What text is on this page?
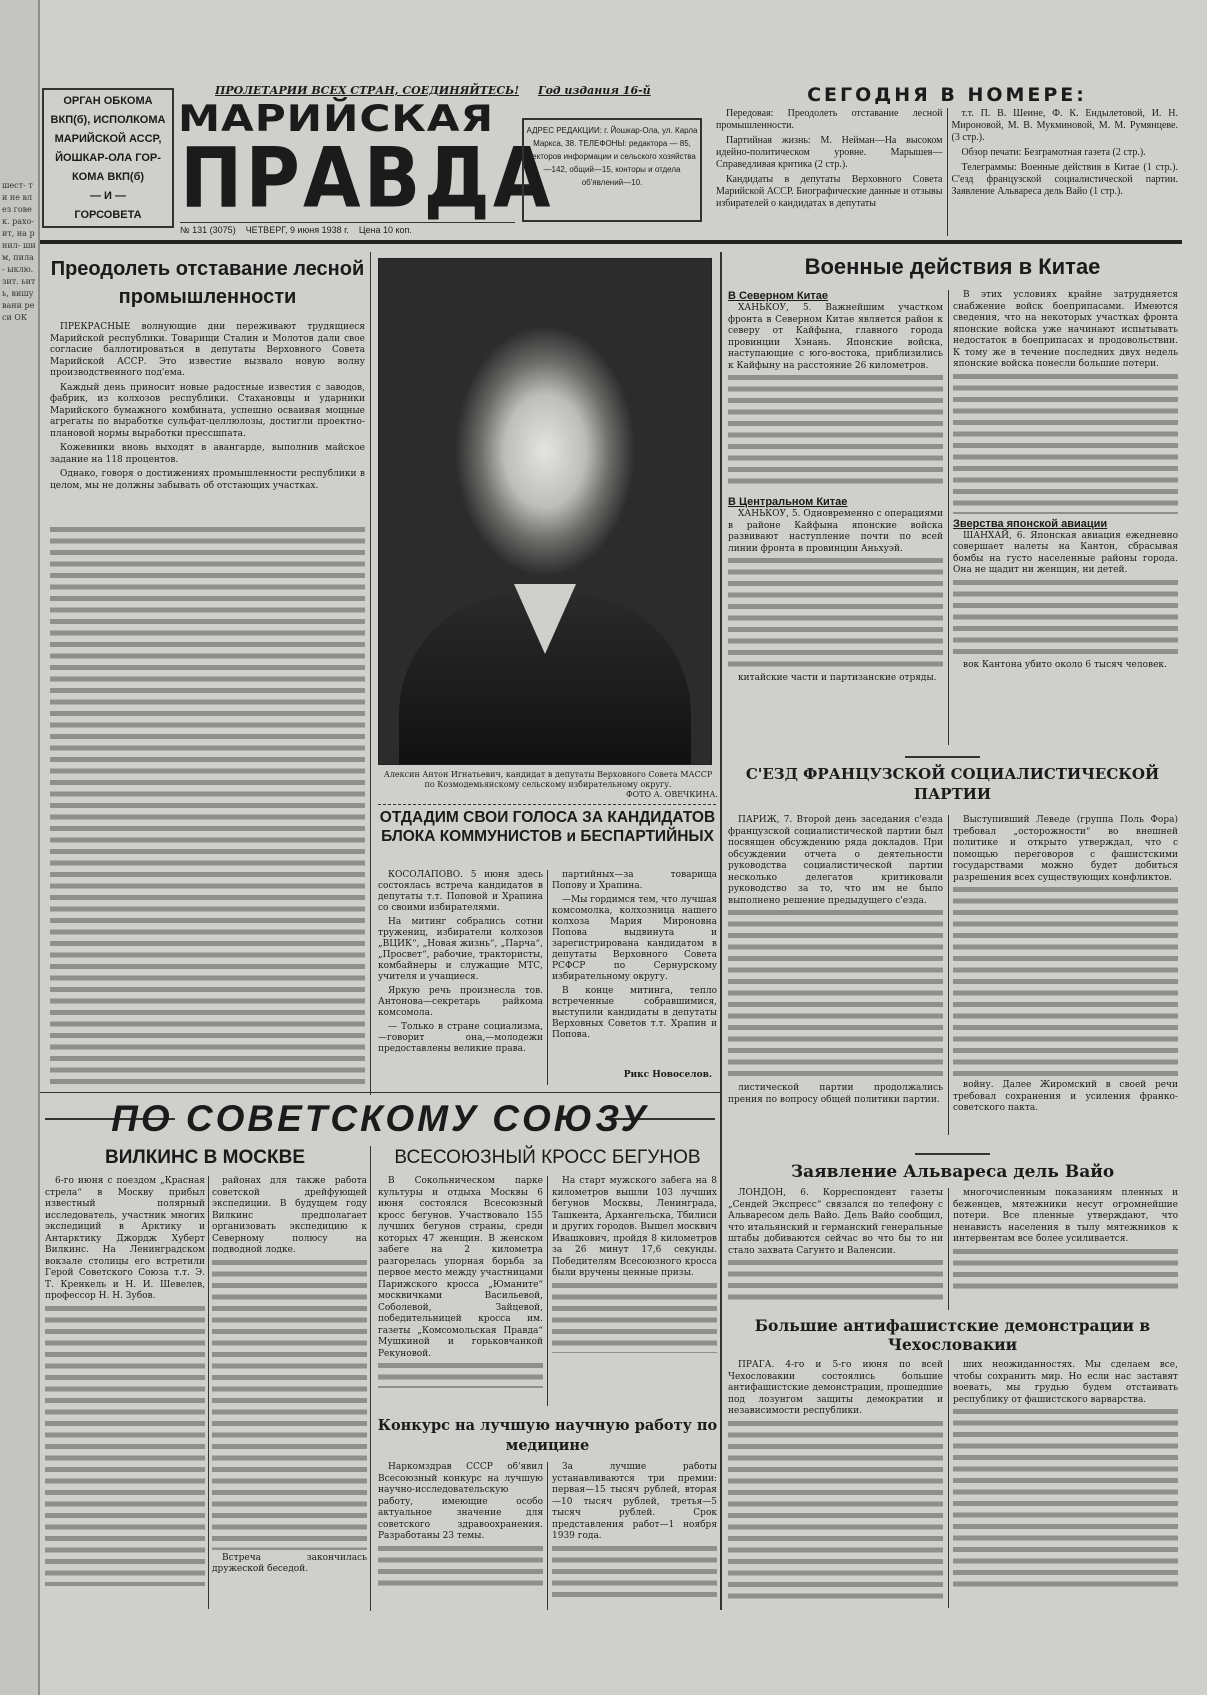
шест- ти не влез говек. рахо- ит, на рнил- шим, пила- ыклю. зит. ьить, вишу вани реси ОК
ОРГАН ОБКОМА
ВКП(б), ИСПОЛКОМА
МАРИЙСКОЙ АССР,
ЙОШКАР-ОЛА ГОР-
КОМА ВКП(б)
— И —
ГОРСОВЕТА
ПРОЛЕТАРИИ ВСЕХ СТРАН, СОЕДИНЯЙТЕСЬ! Год издания 16-й
МАРИЙСКАЯ
ПРАВДА
АДРЕС РЕДАКЦИИ: г. Йошкар-Ола, ул. Карла Маркса, 38. ТЕЛЕФОНЫ: редактора — 85, секторов информации и сельского хозяйства—142, общий—15, конторы и отдела об'явлений—10.
№ 131 (3075) ЧЕТВЕРГ, 9 июня 1938 г. Цена 10 коп.
СЕГОДНЯ В НОМЕРЕ:

Передовая: Преодолеть отставание лесной промышленности.

Партийная жизнь: М. Нейман—На высоком идейно-политическом уровне. Марышев—Справедливая критика (2 стр.).

Кандидаты в депутаты Верховного Совета Марийской АССР. Биографические данные и отзывы избирателей о кандидатах в депутаты

т.т. П. В. Шеине, Ф. К. Ендылетовой, И. Н. Мироновой, М. В. Мукминовой, М. М. Румянцеве. (3 стр.).

Обзор печати: Безграмотная газета (2 стр.).

Телеграммы: Военные действия в Китае (1 стр.). С'езд французской социалистической партии. Заявление Альвареса дель Вайо (1 стр.).

Преодолеть отставание лесной промышленности

ПРЕКРАСНЫЕ волнующие дни переживают трудящиеся Марийской республики. Товарищи Сталин и Молотов дали свое согласие баллотироваться в депутаты Верховного Совета Марийской АССР. Это известие вызвало новую волну производственного под'ема.

Каждый день приносит новые радостные известия с заводов, фабрик, из колхозов республики. Стахановцы и ударники Марийского бумажного комбината, успешно осваивая мощные агрегаты по выработке сульфат-целлюлозы, достигли проектно-плановой нормы выработки прессшпата.

Кожевники вновь выходят в авангарде, выполнив майское задание на 118 процентов.

Однако, говоря о достижениях промышленности республики в целом, мы не должны забывать об отстающих участках.

Алексин Антон Игнатьевич, кандидат в депутаты Верховного Совета МАССР по Козмодемьянскому сельскому избирательному округу.
ФОТО А. ОВЕЧКИНА.
ОТДАДИМ СВОИ ГОЛОСА ЗА КАНДИДАТОВ БЛОКА КОММУНИСТОВ и БЕСПАРТИЙНЫХ

КОСОЛАПОВО. 5 июня здесь состоялась встреча кандидатов в депутаты т.т. Поповой и Храпина со своими избирателями.

На митинг собрались сотни тружениц, избиратели колхозов „ВЦИК“, „Новая жизнь“, „Парча“, „Просвет“, рабочие, трактористы, комбайнеры и служащие МТС, учителя и учащиеся.

Яркую речь произнесла тов. Антонова—секретарь райкома комсомола.

— Только в стране социализма,—говорит она,—молодежи предоставлены великие права.

партийных—за товарища Попову и Храпина.

—Мы гордимся тем, что лучшая комсомолка, колхозница нашего колхоза Мария Мироновна Попова выдвинута и зарегистрирована кандидатом в депутаты Верховного Совета РСФСР по Сернурскому избирательному округу.

В конце митинга, тепло встреченные собравшимися, выступили кандидаты в депутаты Верховных Советов т.т. Храпин и Попова.

Рикс Новоселов.
Военные действия в Китае
В Северном Китае

ХАНЬКОУ, 5. Важнейшим участком фронта в Северном Китае является район к северу от Кайфына, главного города провинции Хэнань. Японские войска, наступающие с юго-востока, приблизились к Кайфыну на расстояние 26 километров.

В Центральном Китае

ХАНЬКОУ, 5. Одновременно с операциями в районе Кайфына японские войска развивают наступление почти по всей линии фронта в провинции Аньхуэй.

китайские части и партизанские отряды.

В этих условиях крайне затрудняется снабжение войск боеприпасами. Имеются сведения, что на некоторых участках фронта японские войска уже начинают испытывать недостаток в боеприпасах и продовольствии. К тому же в течение последних двух недель японские войска понесли большие потери.

Зверства японской авиации

ШАНХАЙ, 6. Японская авиация ежедневно совершает налеты на Кантон, сбрасывая бомбы на густо населенные районы города. Она не щадит ни женщин, ни детей.

вок Кантона убито около 6 тысяч человек.

С'ЕЗД ФРАНЦУЗСКОЙ СОЦИАЛИСТИЧЕСКОЙ ПАРТИИ

ПАРИЖ, 7. Второй день заседания с'езда французской социалистической партии был посвящен обсуждению ряда докладов. При обсуждении отчета о деятельности руководства социалистической партии несколько делегатов критиковали руководство за то, что им не было выполнено решение предыдущего с'езда.

листической партии продолжались прения по вопросу общей политики партии.

Выступивший Леведе (группа Поль Фора) требовал „осторожности“ во внешней политике и открыто утверждал, что с помощью переговоров с фашистскими государствами можно будет добиться разрешения всех существующих конфликтов.

войну. Далее Жиромский в своей речи требовал сохранения и усиления франко-советского пакта.

Заявление Альвареса дель Вайо

ЛОНДОН, 6. Корреспондент газеты „Сендей Экспресс“ связался по телефону с Альваресом дель Вайо. Дель Вайо сообщил, что итальянский и германский генеральные штабы добиваются сейчас во что бы то ни стало захвата Сагунто и Валенсии.

многочисленным показаниям пленных и беженцев, мятежники несут огромнейшие потери. Все пленные утверждают, что ненависть населения в тылу мятежников к интервентам все более усиливается.

Большие антифашистские демонстрации в Чехословакии

ПРАГА. 4-го и 5-го июня по всей Чехословакии состоялись большие антифашистские демонстрации, прошедшие под лозунгом защиты демократии и независимости республики.

ших неожиданностях. Мы сделаем все, чтобы сохранить мир. Но если нас заставят воевать, мы грудью будем отстаивать республику от фашистского варварства.

ПО СОВЕТСКОМУ СОЮЗУ
ВИЛКИНС В МОСКВЕ

6-го июня с поездом „Красная стрела“ в Москву прибыл известный полярный исследователь, участник многих экспедиций в Арктику и Антарктику Джордж Хуберт Вилкинс. На Ленинградском вокзале столицы его встретили Герой Советского Союза т.т. Э. Т. Кренкель и Н. И. Шевелев, профессор Н. Н. Зубов.

районах для также работа советской дрейфующей экспедиции. В будущем году Вилкинс предполагает организовать экспедицию к Северному полюсу на подводной лодке.

Встреча закончилась дружеской беседой.

ВСЕСОЮЗНЫЙ КРОСС БЕГУНОВ

В Сокольническом парке культуры и отдыха Москвы 6 июня состоялся Всесоюзный кросс бегунов. Участвовало 155 лучших бегунов страны, среди которых 47 женщин. В женском забеге на 2 километра разгорелась упорная борьба за первое место между участницами Парижского кросса „Юманите“ москвичками Васильевой, Соболевой, Зайцевой, победительницей кросса им. газеты „Комсомольская Правда“ Мушкиной и горьковчанкой Рекуновой.

На старт мужского забега на 8 километров вышли 103 лучших бегунов Москвы, Ленинграда, Ташкента, Архангельска, Тбилиси и других городов. Вышел москвич Ивашкович, пройдя 8 километров за 26 минут 17,6 секунды. Победителям Всесоюзного кросса были вручены ценные призы.

Конкурс на лучшую научную работу по медицине

Наркомздрав СССР об'явил Всесоюзный конкурс на лучшую научно-исследовательскую работу, имеющие особо актуальное значение для советского здравоохранения. Разработаны 23 темы.

За лучшие работы устанавливаются три премии: первая—15 тысяч рублей, вторая—10 тысяч рублей, третья—5 тысяч рублей. Срок представления работ—1 ноября 1939 года.
